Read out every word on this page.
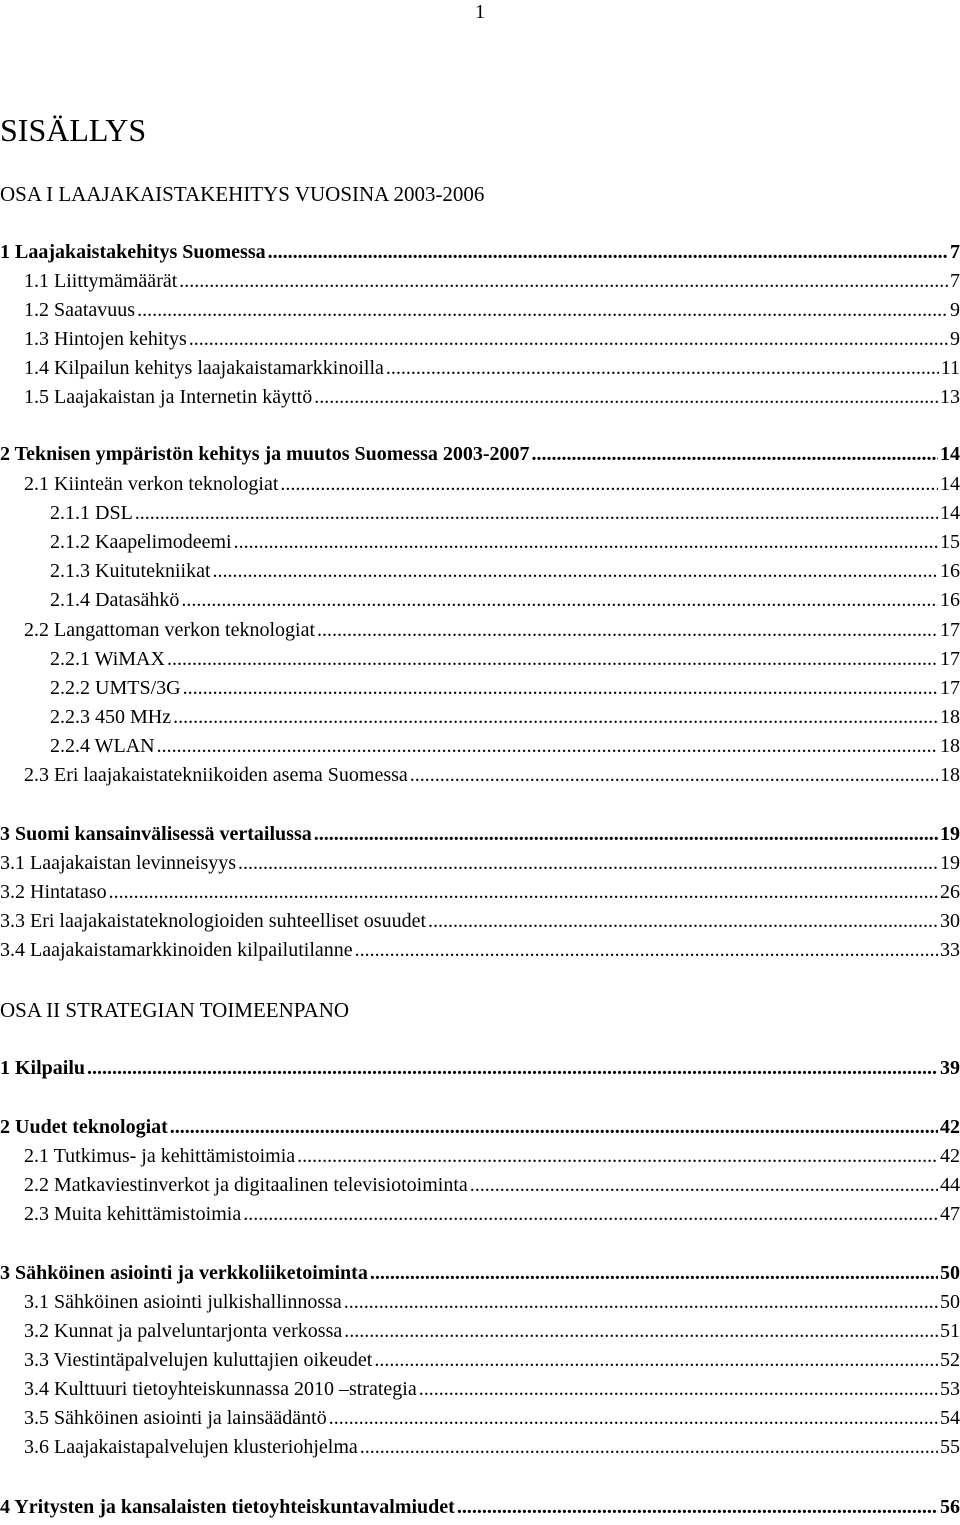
1
SISÄLLYS
OSA I LAAJAKAISTAKEHITYS VUOSINA 2003-2006
1 Laajakaistakehitys Suomessa .....	7
1.1 Liittymämäärät .....	7
1.2 Saatavuus .....	9
1.3 Hintojen kehitys .....	9
1.4 Kilpailun kehitys laajakaistamarkkinoilla .....	11
1.5 Laajakaistan ja Internetin käyttö .....	13
2 Teknisen ympäristön kehitys ja muutos Suomessa 2003-2007 .....	14
2.1 Kiinteän verkon teknologiat .....	14
2.1.1 DSL .....	14
2.1.2 Kaapelimodeemi .....	15
2.1.3 Kuitutekniikat .....	16
2.1.4 Datasähkö .....	16
2.2 Langattoman verkon teknologiat .....	17
2.2.1 WiMAX .....	17
2.2.2 UMTS/3G .....	17
2.2.3 450 MHz .....	18
2.2.4 WLAN .....	18
2.3 Eri laajakaistatekniikoiden asema Suomessa .....	18
3 Suomi kansainvälisessä vertailussa .....	19
3.1 Laajakaistan levinneisyys .....	19
3.2 Hintataso .....	26
3.3 Eri laajakaistateknologioiden suhteelliset osuudet .....	30
3.4 Laajakaistamarkkinoiden kilpailutilanne .....	33
OSA II STRATEGIAN TOIMEENPANO
1 Kilpailu .....	39
2 Uudet teknologiat .....	42
2.1 Tutkimus- ja kehittämistoimia .....	42
2.2 Matkaviestinverkot ja digitaalinen televisiotoiminta .....	44
2.3 Muita kehittämistoimia .....	47
3 Sähköinen asiointi ja verkkoliiketoiminta .....	50
3.1 Sähköinen asiointi julkishallinnossa .....	50
3.2 Kunnat ja palveluntarjonta verkossa .....	51
3.3 Viestintäpalvelujen kuluttajien oikeudet .....	52
3.4 Kulttuuri tietoyhteiskunnassa 2010 –strategia .....	53
3.5 Sähköinen asiointi ja lainsäädäntö .....	54
3.6 Laajakaistapalvelujen klusteriohjelma .....	55
4 Yritysten ja kansalaisten tietoyhteiskuntavalmiudet .....	56
